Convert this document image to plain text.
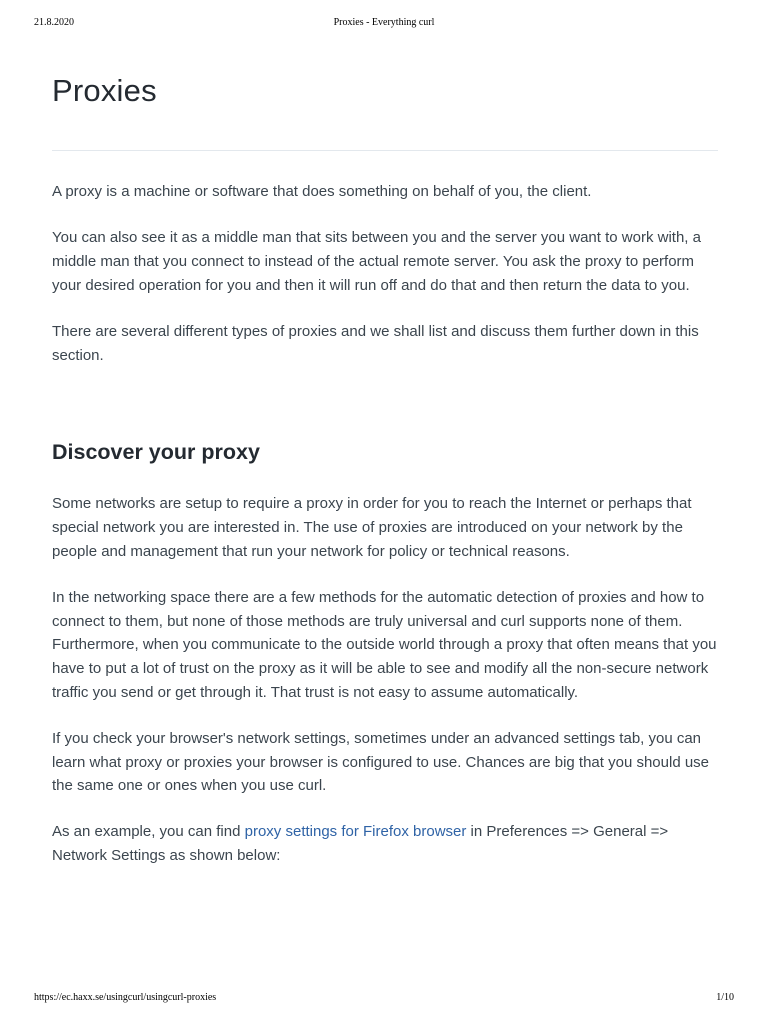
21.8.2020	Proxies - Everything curl
Proxies

A proxy is a machine or software that does something on behalf of you, the client.

You can also see it as a middle man that sits between you and the server you want to work with, a middle man that you connect to instead of the actual remote server. You ask the proxy to perform your desired operation for you and then it will run off and do that and then return the data to you.

There are several different types of proxies and we shall list and discuss them further down in this section.

Discover your proxy

Some networks are setup to require a proxy in order for you to reach the Internet or perhaps that special network you are interested in. The use of proxies are introduced on your network by the people and management that run your network for policy or technical reasons.

In the networking space there are a few methods for the automatic detection of proxies and how to connect to them, but none of those methods are truly universal and curl supports none of them. Furthermore, when you communicate to the outside world through a proxy that often means that you have to put a lot of trust on the proxy as it will be able to see and modify all the non-secure network traffic you send or get through it. That trust is not easy to assume automatically.

If you check your browser's network settings, sometimes under an advanced settings tab, you can learn what proxy or proxies your browser is configured to use. Chances are big that you should use the same one or ones when you use curl.

As an example, you can find proxy settings for Firefox browser in Preferences => General => Network Settings as shown below:

https://ec.haxx.se/usingcurl/usingcurl-proxies	1/10
